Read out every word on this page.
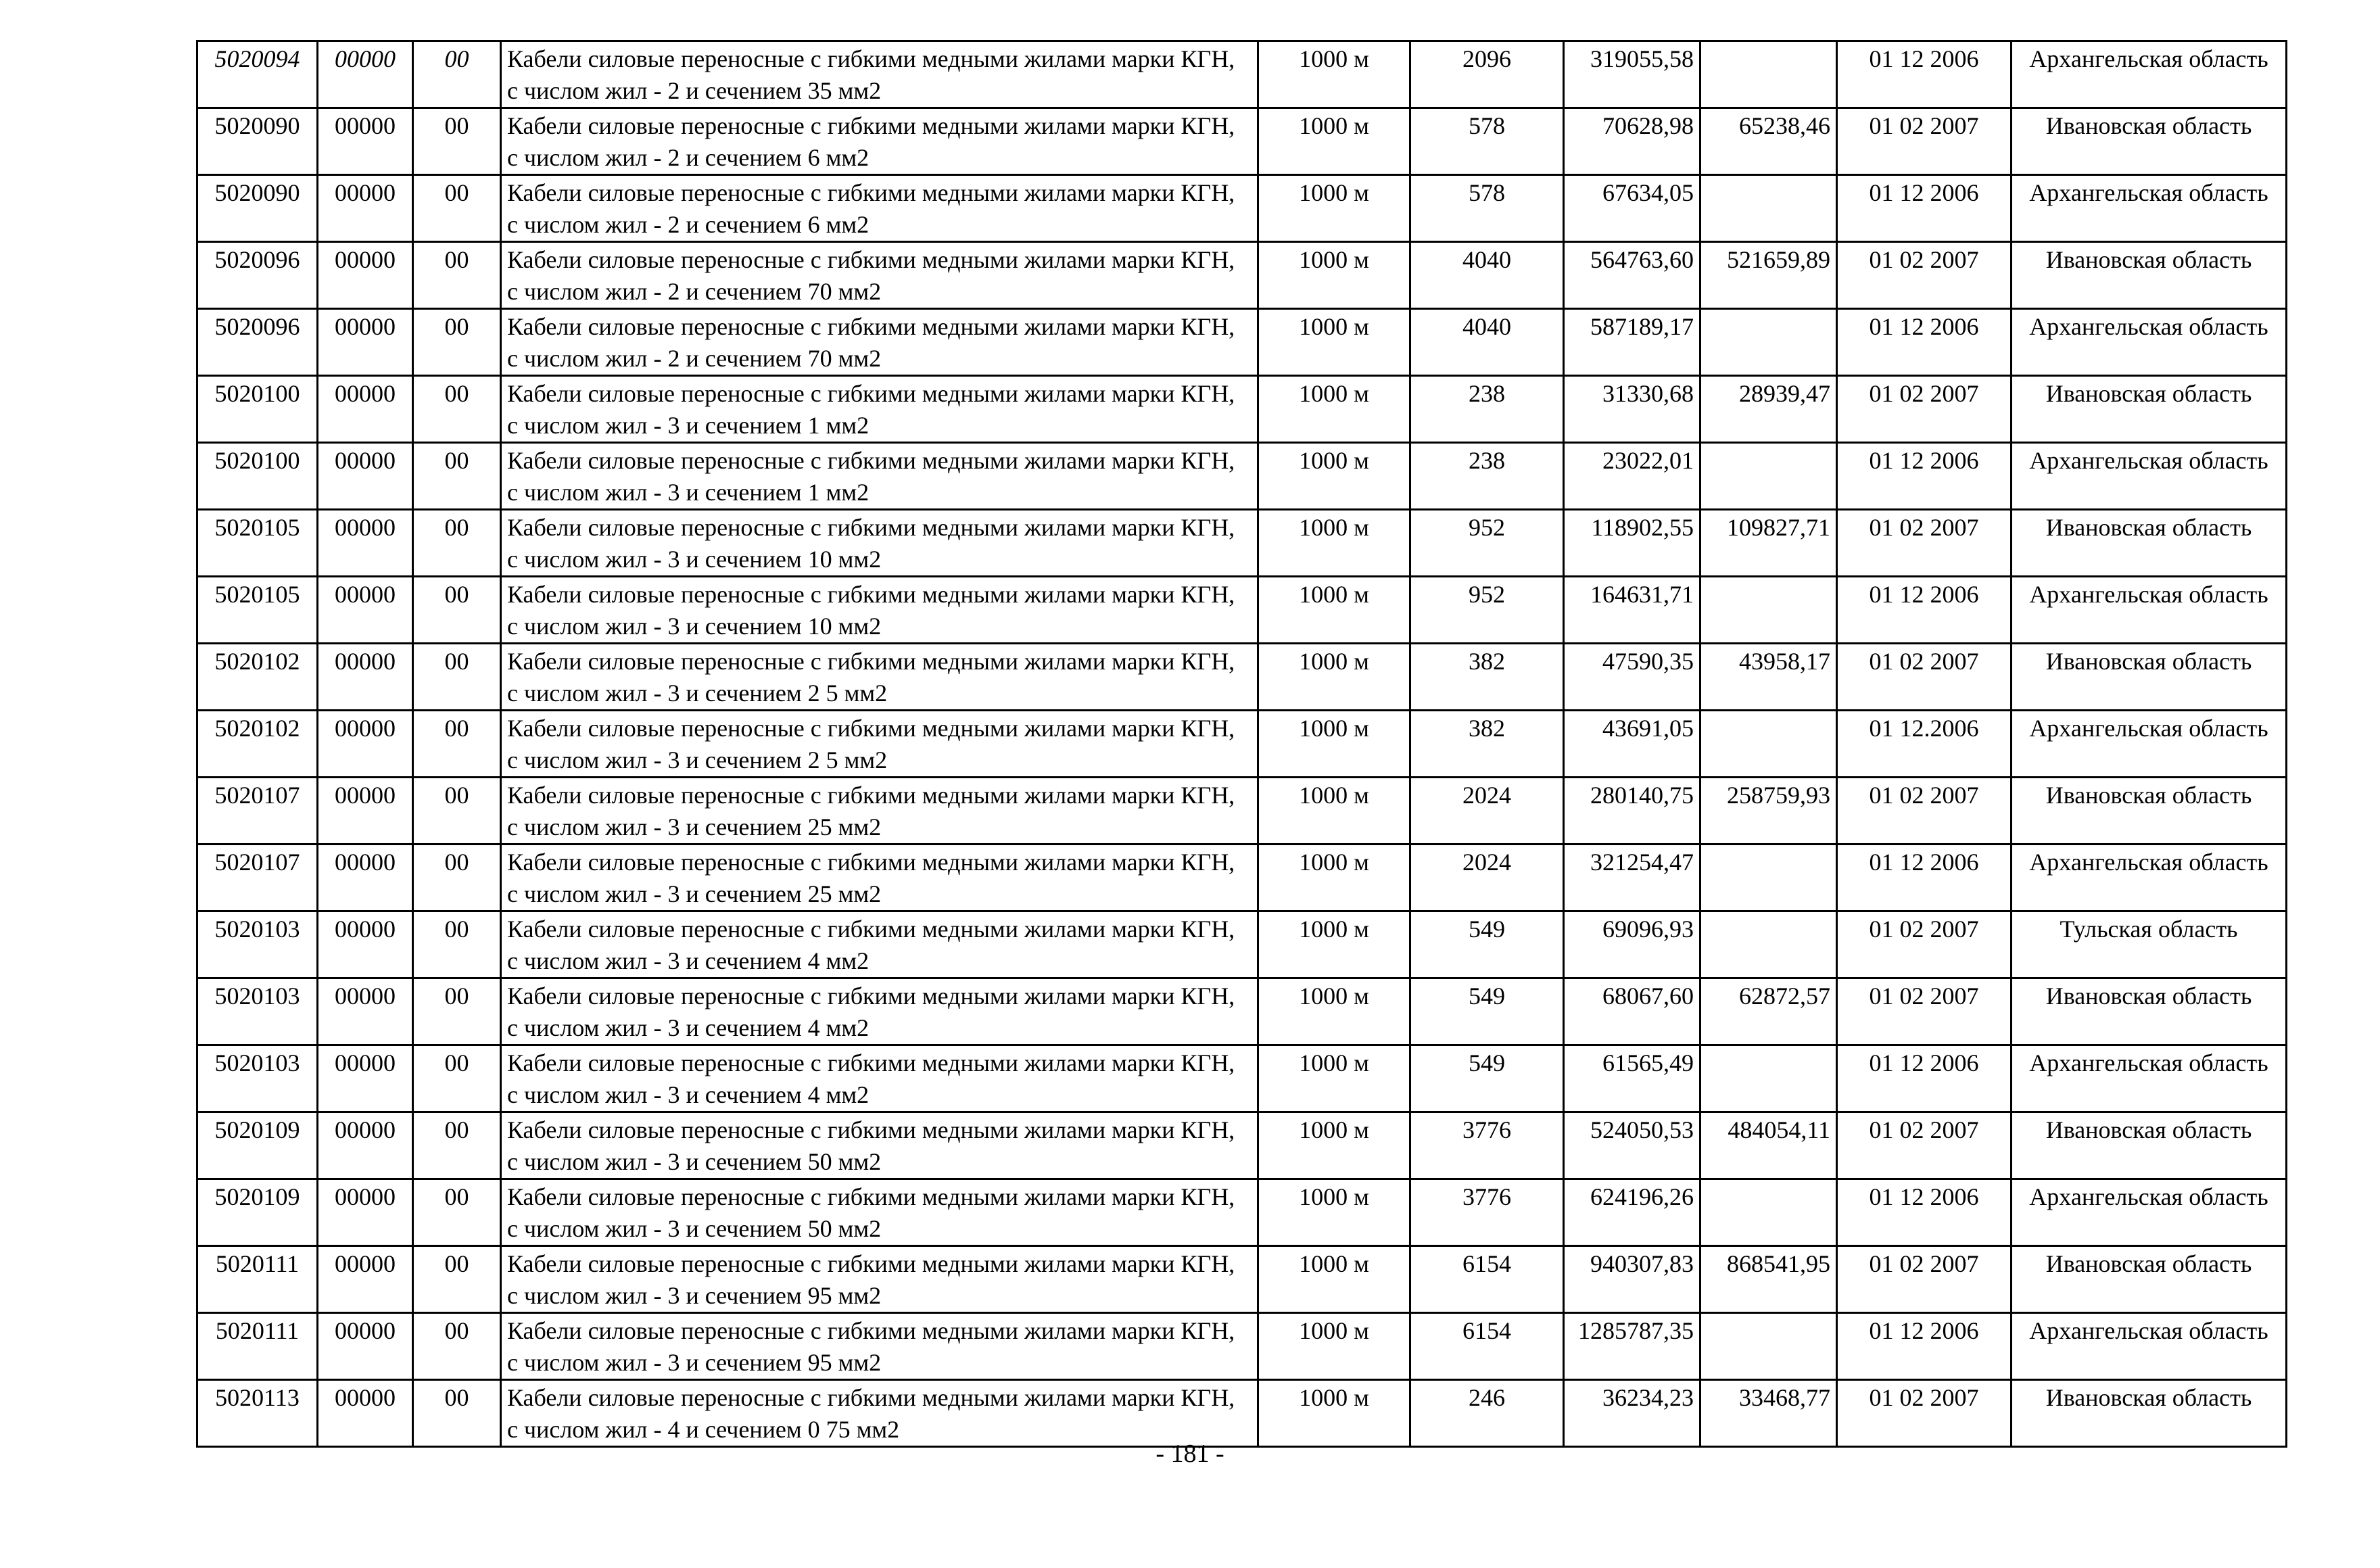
5020094	00000	00	Кабели силовые переносные с гибкими медными жилами марки КГН, с числом жил - 2 и сечением 35 мм2	1000 м	2096	319055,58		01 12 2006	Архангельская область
5020090	00000	00	Кабели силовые переносные с гибкими медными жилами марки КГН, с числом жил - 2 и сечением 6 мм2	1000 м	578	70628,98	65238,46	01 02 2007	Ивановская область
5020090	00000	00	Кабели силовые переносные с гибкими медными жилами марки КГН, с числом жил - 2 и сечением 6 мм2	1000 м	578	67634,05		01 12 2006	Архангельская область
5020096	00000	00	Кабели силовые переносные с гибкими медными жилами марки КГН, с числом жил - 2 и сечением 70 мм2	1000 м	4040	564763,60	521659,89	01 02 2007	Ивановская область
5020096	00000	00	Кабели силовые переносные с гибкими медными жилами марки КГН, с числом жил - 2 и сечением 70 мм2	1000 м	4040	587189,17		01 12 2006	Архангельская область
5020100	00000	00	Кабели силовые переносные с гибкими медными жилами марки КГН, с числом жил - 3 и сечением 1 мм2	1000 м	238	31330,68	28939,47	01 02 2007	Ивановская область
5020100	00000	00	Кабели силовые переносные с гибкими медными жилами марки КГН, с числом жил - 3 и сечением 1 мм2	1000 м	238	23022,01		01 12 2006	Архангельская область
5020105	00000	00	Кабели силовые переносные с гибкими медными жилами марки КГН, с числом жил - 3 и сечением 10 мм2	1000 м	952	118902,55	109827,71	01 02 2007	Ивановская область
5020105	00000	00	Кабели силовые переносные с гибкими медными жилами марки КГН, с числом жил - 3 и сечением 10 мм2	1000 м	952	164631,71		01 12 2006	Архангельская область
5020102	00000	00	Кабели силовые переносные с гибкими медными жилами марки КГН, с числом жил - 3 и сечением 2 5 мм2	1000 м	382	47590,35	43958,17	01 02 2007	Ивановская область
5020102	00000	00	Кабели силовые переносные с гибкими медными жилами марки КГН, с числом жил - 3 и сечением 2 5 мм2	1000 м	382	43691,05		01 12.2006	Архангельская область
5020107	00000	00	Кабели силовые переносные с гибкими медными жилами марки КГН, с числом жил - 3 и сечением 25 мм2	1000 м	2024	280140,75	258759,93	01 02 2007	Ивановская область
5020107	00000	00	Кабели силовые переносные с гибкими медными жилами марки КГН, с числом жил - 3 и сечением 25 мм2	1000 м	2024	321254,47		01 12 2006	Архангельская область
5020103	00000	00	Кабели силовые переносные с гибкими медными жилами марки КГН, с числом жил - 3 и сечением 4 мм2	1000 м	549	69096,93		01 02 2007	Тульская область
5020103	00000	00	Кабели силовые переносные с гибкими медными жилами марки КГН, с числом жил - 3 и сечением 4 мм2	1000 м	549	68067,60	62872,57	01 02 2007	Ивановская область
5020103	00000	00	Кабели силовые переносные с гибкими медными жилами марки КГН, с числом жил - 3 и сечением 4 мм2	1000 м	549	61565,49		01 12 2006	Архангельская область
5020109	00000	00	Кабели силовые переносные с гибкими медными жилами марки КГН, с числом жил - 3 и сечением 50 мм2	1000 м	3776	524050,53	484054,11	01 02 2007	Ивановская область
5020109	00000	00	Кабели силовые переносные с гибкими медными жилами марки КГН, с числом жил - 3 и сечением 50 мм2	1000 м	3776	624196,26		01 12 2006	Архангельская область
5020111	00000	00	Кабели силовые переносные с гибкими медными жилами марки КГН, с числом жил - 3 и сечением 95 мм2	1000 м	6154	940307,83	868541,95	01 02 2007	Ивановская область
5020111	00000	00	Кабели силовые переносные с гибкими медными жилами марки КГН, с числом жил - 3 и сечением 95 мм2	1000 м	6154	1285787,35		01 12 2006	Архангельская область
5020113	00000	00	Кабели силовые переносные с гибкими медными жилами марки КГН, с числом жил - 4 и сечением 0 75 мм2	1000 м	246	36234,23	33468,77	01 02 2007	Ивановская область
- 181 -
